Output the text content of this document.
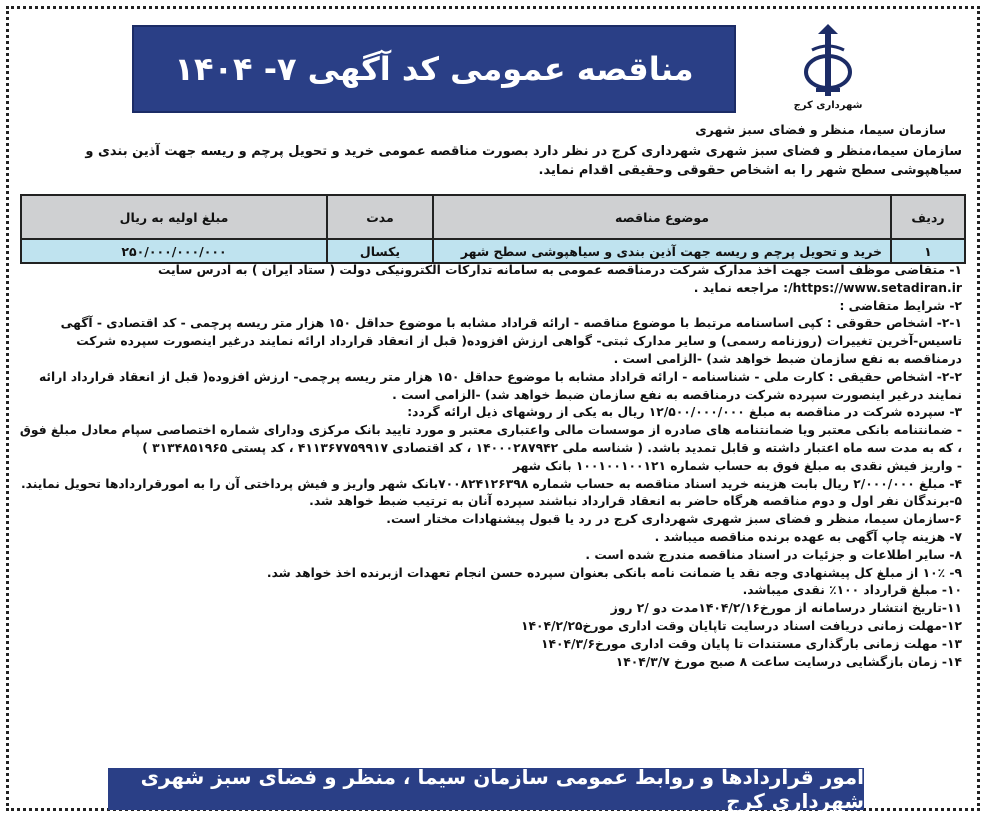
مناقصه عمومی کد آگهی ۷- ۱۴۰۴
شهرداری کرج
سازمان سیما، منظر و فضای سبز شهری
سازمان سیما،منظر و فضای سبز شهری شهرداری کرج در نظر دارد بصورت مناقصه عمومی خرید و تحویل پرچم و ریسه جهت آذین بندی و سیاهپوشی سطح شهر را به اشخاص حقوقی وحقیقی اقدام نماید.
ردیف	موضوع مناقصه	مدت	مبلغ اولیه به ریال
۱	خرید و تحویل پرچم و ریسه جهت آذین بندی و سیاهپوشی سطح شهر	یکسال	۲۵۰/۰۰۰/۰۰۰/۰۰۰

۱- متقاضی موظف است جهت اخذ مدارک شرکت درمناقصه عمومی به سامانه تدارکات الکترونیکی دولت ( ستاد ایران ) به آدرس سایت https://www.setadiran.ir/: مراجعه نماید .

۲- شرایط متقاضی :

۲-۱- اشخاص حقوقی : کپی اساسنامه مرتبط با موضوع مناقصه - ارائه قراداد مشابه با موضوع حداقل ۱۵۰ هزار متر ریسه پرچمی - کد اقتصادی - آگهی تاسیس-آخرین تغییرات (روزنامه رسمی) و سایر مدارک ثبتی- گواهی ارزش افزوده( قبل از انعقاد قرارداد ارائه نمایند درغیر اینصورت سپرده شرکت درمناقصه به نفع سازمان ضبط خواهد شد) -الزامی است .

۲-۲- اشخاص حقیقی : کارت ملی - شناسنامه - ارائه قراداد مشابه با موضوع حداقل ۱۵۰ هزار متر ریسه پرچمی- ارزش افزوده( قبل از انعقاد قرارداد ارائه نمایند درغیر اینصورت سپرده شرکت درمناقصه به نفع سازمان ضبط خواهد شد) -الزامی است .

۳- سپرده شرکت در مناقصه به مبلغ ۱۲/۵۰۰/۰۰۰/۰۰۰ ریال به یکی از روشهای ذیل ارائه گردد:

- ضمانتنامه بانکی معتبر ویا ضمانتنامه های صادره از موسسات مالی واعتباری معتبر و مورد تایید بانک مرکزی ودارای شماره اختصاصی سپام معادل مبلغ فوق ، که به مدت سه ماه اعتبار داشته و قابل تمدید باشد. ( شناسه ملی ۱۴۰۰۰۲۸۷۹۴۲ ، کد اقتصادی ۴۱۱۳۶۷۷۵۹۹۱۷ ، کد پستی ۳۱۳۴۸۵۱۹۶۵ )

- واریز فیش نقدی به مبلغ فوق به حساب شماره ۱۰۰۱۰۰۱۰۰۱۲۱ بانک شهر

۴- مبلغ ۲/۰۰۰/۰۰۰ ریال بابت هزینه خرید اسناد مناقصه به حساب شماره ۷۰۰۸۲۴۱۲۶۳۹۸بانک شهر واریز و فیش پرداختی آن را به امورقراردادها تحویل نمایند.

۵-برندگان نفر اول و دوم مناقصه هرگاه حاضر به انعقاد قرارداد نباشند سپرده آنان به ترتیب ضبط خواهد شد.

۶-سازمان سیما، منظر و فضای سبز شهری شهرداری کرج در رد یا قبول پیشنهادات مختار است.

۷- هزینه چاپ آگهی به عهده برنده مناقصه میباشد .

۸- سایر اطلاعات و جزئیات در اسناد مناقصه مندرج شده است .

۹- ۱۰٪ از مبلغ کل پیشنهادی وجه نقد یا ضمانت نامه بانکی بعنوان سپرده حسن انجام تعهدات ازبرنده اخذ خواهد شد.

۱۰- مبلغ قرارداد ۱۰۰٪ نقدی میباشد.

۱۱-تاریخ انتشار درسامانه از مورخ۱۴۰۴/۲/۱۶مدت دو /۲ روز

۱۲-مهلت زمانی دریافت اسناد درسایت تاپایان وقت اداری مورخ۱۴۰۴/۲/۲۵

۱۳- مهلت زمانی بارگذاری مستندات تا پایان وقت اداری مورخ۱۴۰۴/۳/۶

۱۴- زمان بازگشایی درسایت ساعت ۸ صبح مورخ ۱۴۰۴/۳/۷

امور قراردادها و روابط عمومی سازمان سیما ، منظر و فضای سبز شهری شهرداری کرج
